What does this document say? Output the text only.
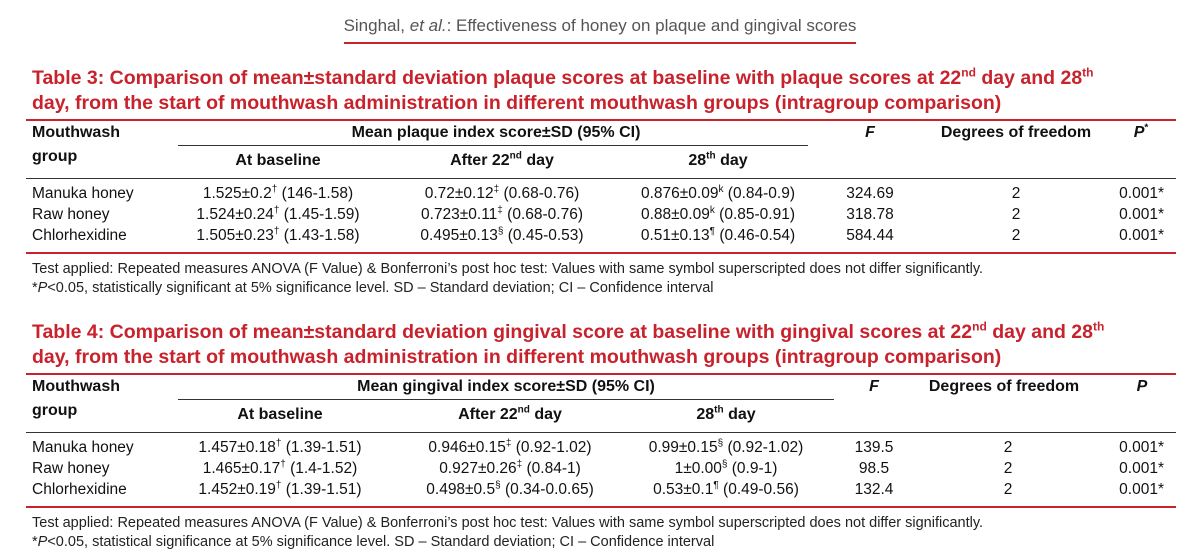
Singhal, et al.: Effectiveness of honey on plaque and gingival scores
Table 3: Comparison of mean±standard deviation plaque scores at baseline with plaque scores at 22nd day and 28th
day, from the start of mouthwash administration in different mouthwash groups (intragroup comparison)
Mouthwash	Mean plaque index score±SD (95% CI)	F	Degrees of freedom	P*
group	At baseline	After 22nd day	28th day
Manuka honey	1.525±0.2† (146-1.58)	0.72±0.12‡ (0.68-0.76)	$0.876\pm 0.09^k$ (0.84-0.9)	324.69	2	0.001*
Raw honey	1.524±0.24† (1.45-1.59)	0.723±0.11‡ (0.68-0.76)	$0.88\pm 0.09^k$ (0.85-0.91)	318.78	2	0.001*
Chlorhexidine	1.505±0.23† (1.43-1.58)	0.495±0.13§ (0.45-0.53)	0.51±0.13¶ (0.46-0.54)	584.44	2	0.001*
Test applied: Repeated measures ANOVA (F Value) & Bonferroni’s post hoc test: Values with same symbol superscripted does not differ significantly.
*P<0.05, statistically significant at 5% significance level. SD – Standard deviation; CI – Confidence interval
Table 4: Comparison of mean±standard deviation gingival score at baseline with gingival scores at 22nd day and 28th
day, from the start of mouthwash administration in different mouthwash groups (intragroup comparison)
Mouthwash	Mean gingival index score±SD (95% CI)	F	Degrees of freedom	P
group	At baseline	After 22nd day	28th day
Manuka honey	1.457±0.18† (1.39-1.51)	0.946±0.15‡ (0.92-1.02)	0.99±0.15§ (0.92-1.02)	139.5	2	0.001*
Raw honey	1.465±0.17† (1.4-1.52)	0.927±0.26‡ (0.84-1)	1±0.00§ (0.9-1)	98.5	2	0.001*
Chlorhexidine	1.452±0.19† (1.39-1.51)	0.498±0.5§ (0.34-0.0.65)	0.53±0.1¶ (0.49-0.56)	132.4	2	0.001*
Test applied: Repeated measures ANOVA (F Value) & Bonferroni’s post hoc test: Values with same symbol superscripted does not differ significantly.
*P<0.05, statistical significance at 5% significance level. SD – Standard deviation; CI – Confidence interval
